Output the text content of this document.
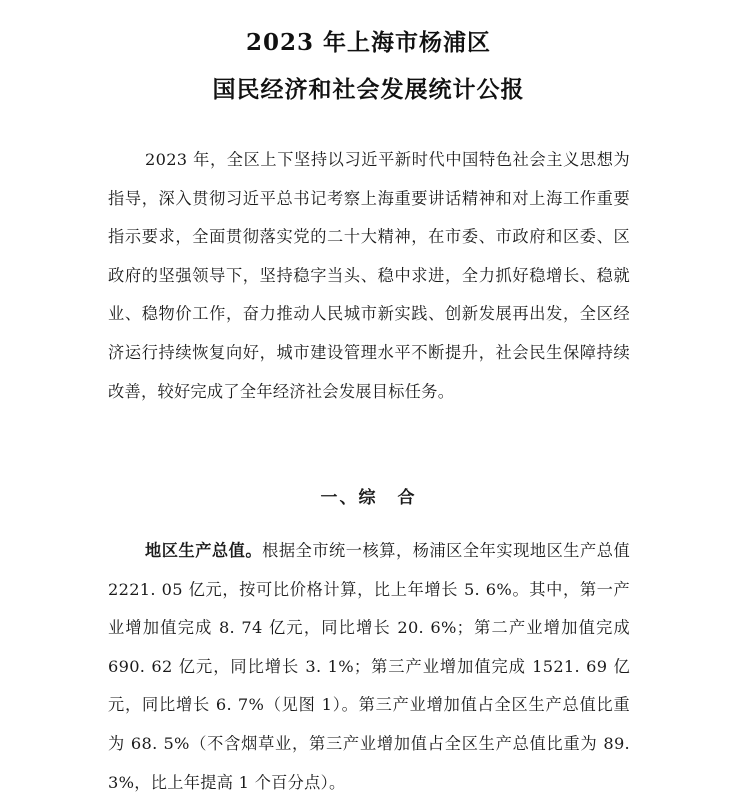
2023 年上海市杨浦区
国民经济和社会发展统计公报

2023 年，全区上下坚持以习近平新时代中国特色社会主义思想为指导，深入贯彻习近平总书记考察上海重要讲话精神和对上海工作重要指示要求，全面贯彻落实党的二十大精神，在市委、市政府和区委、区政府的坚强领导下，坚持稳字当头、稳中求进，全力抓好稳增长、稳就业、稳物价工作，奋力推动人民城市新实践、创新发展再出发，全区经济运行持续恢复向好，城市建设管理水平不断提升，社会民生保障持续改善，较好完成了全年经济社会发展目标任务。

一、综 合

地区生产总值。根据全市统一核算，杨浦区全年实现地区生产总值 2221. 05 亿元，按可比价格计算，比上年增长 5. 6%。其中，第一产业增加值完成 8. 74 亿元，同比增长 20. 6%；第二产业增加值完成 690. 62 亿元，同比增长 3. 1%；第三产业增加值完成 1521. 69 亿元，同比增长 6. 7%（见图 1）。第三产业增加值占全区生产总值比重为 68. 5%（不含烟草业，第三产业增加值占全区生产总值比重为 89. 3%，比上年提高 1 个百分点）。
